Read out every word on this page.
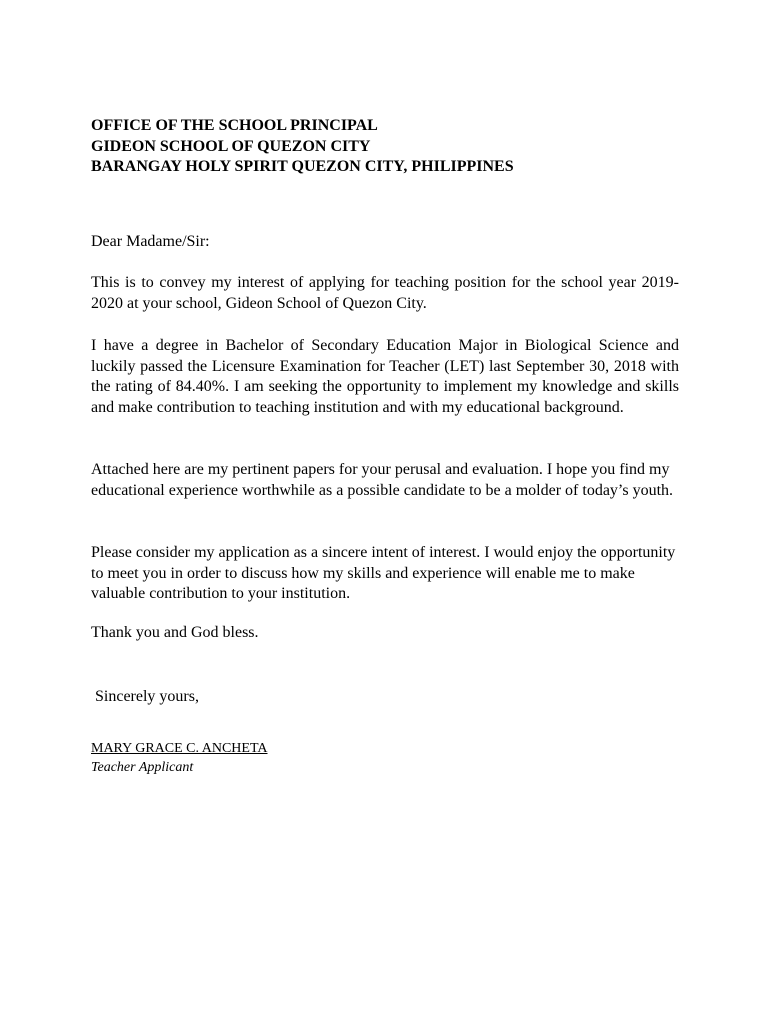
OFFICE OF THE SCHOOL PRINCIPAL
GIDEON SCHOOL OF QUEZON CITY
BARANGAY HOLY SPIRIT QUEZON CITY, PHILIPPINES
Dear Madame/Sir:

This is to convey my interest of applying for teaching position for the school year 2019- 2020 at your school, Gideon School of Quezon City.

I have a degree in Bachelor of Secondary Education Major in Biological Science and luckily passed the Licensure Examination for Teacher (LET) last September 30, 2018 with the rating of 84.40%. I am seeking the opportunity to implement my knowledge and skills and make contribution to teaching institution and with my educational background.

Attached here are my pertinent papers for your perusal and evaluation. I hope you find my educational experience worthwhile as a possible candidate to be a molder of today’s youth.

Please consider my application as a sincere intent of interest. I would enjoy the opportunity to meet you in order to discuss how my skills and experience will enable me to make valuable contribution to your institution.

Thank you and God bless.
Sincerely yours,
MARY GRACE C. ANCHETA
Teacher Applicant
